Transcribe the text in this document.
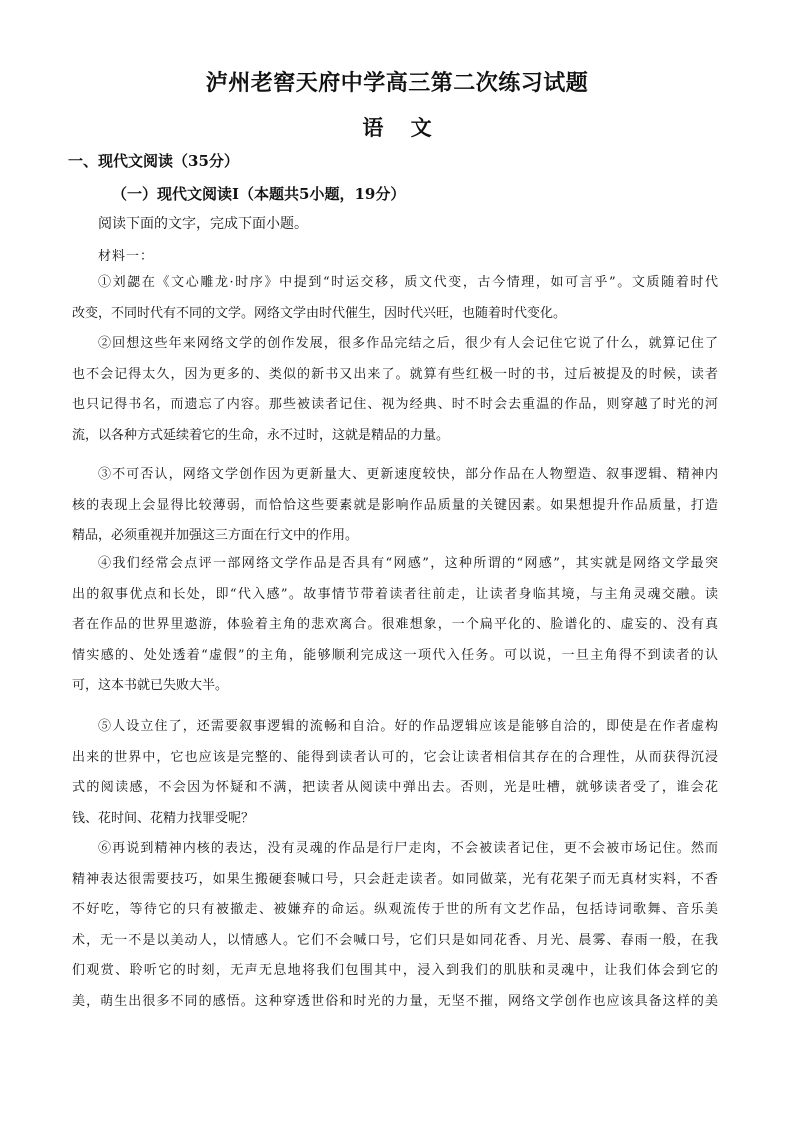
泸州老窖天府中学高三第二次练习试题
语 文
一、现代文阅读（35分）
（一）现代文阅读Ⅰ（本题共5小题，19分）
阅读下面的文字，完成下面小题。
材料一：
①刘勰在《文心雕龙·时序》中提到“时运交移，质文代变，古今情理，如可言乎”。文质随着时代
改变，不同时代有不同的文学。网络文学由时代催生，因时代兴旺，也随着时代变化。
②回想这些年来网络文学的创作发展，很多作品完结之后，很少有人会记住它说了什么，就算记住了
也不会记得太久，因为更多的、类似的新书又出来了。就算有些红极一时的书，过后被提及的时候，读者
也只记得书名，而遗忘了内容。那些被读者记住、视为经典、时不时会去重温的作品，则穿越了时光的河
流，以各种方式延续着它的生命，永不过时，这就是精品的力量。
③不可否认，网络文学创作因为更新量大、更新速度较快，部分作品在人物塑造、叙事逻辑、精神内
核的表现上会显得比较薄弱，而恰恰这些要素就是影响作品质量的关键因素。如果想提升作品质量，打造
精品，必须重视并加强这三方面在行文中的作用。
④我们经常会点评一部网络文学作品是否具有“网感”，这种所谓的“网感”，其实就是网络文学最突
出的叙事优点和长处，即“代入感”。故事情节带着读者往前走，让读者身临其境，与主角灵魂交融。读
者在作品的世界里遨游，体验着主角的悲欢离合。很难想象，一个扁平化的、脸谱化的、虚妄的、没有真
情实感的、处处透着“虚假”的主角，能够顺利完成这一项代入任务。可以说，一旦主角得不到读者的认
可，这本书就已失败大半。
⑤人设立住了，还需要叙事逻辑的流畅和自洽。好的作品逻辑应该是能够自洽的，即使是在作者虚构
出来的世界中，它也应该是完整的、能得到读者认可的，它会让读者相信其存在的合理性，从而获得沉浸
式的阅读感，不会因为怀疑和不满，把读者从阅读中弹出去。否则，光是吐槽，就够读者受了，谁会花
钱、花时间、花精力找罪受呢？
⑥再说到精神内核的表达，没有灵魂的作品是行尸走肉，不会被读者记住，更不会被市场记住。然而
精神表达很需要技巧，如果生搬硬套喊口号，只会赶走读者。如同做菜，光有花架子而无真材实料，不香
不好吃，等待它的只有被撤走、被嫌弃的命运。纵观流传于世的所有文艺作品，包括诗词歌舞、音乐美
术，无一不是以美动人，以情感人。它们不会喊口号，它们只是如同花香、月光、晨雾、春雨一般，在我
们观赏、聆听它的时刻，无声无息地将我们包围其中，浸入到我们的肌肤和灵魂中，让我们体会到它的
美，萌生出很多不同的感悟。这种穿透世俗和时光的力量，无坚不摧，网络文学创作也应该具备这样的美
